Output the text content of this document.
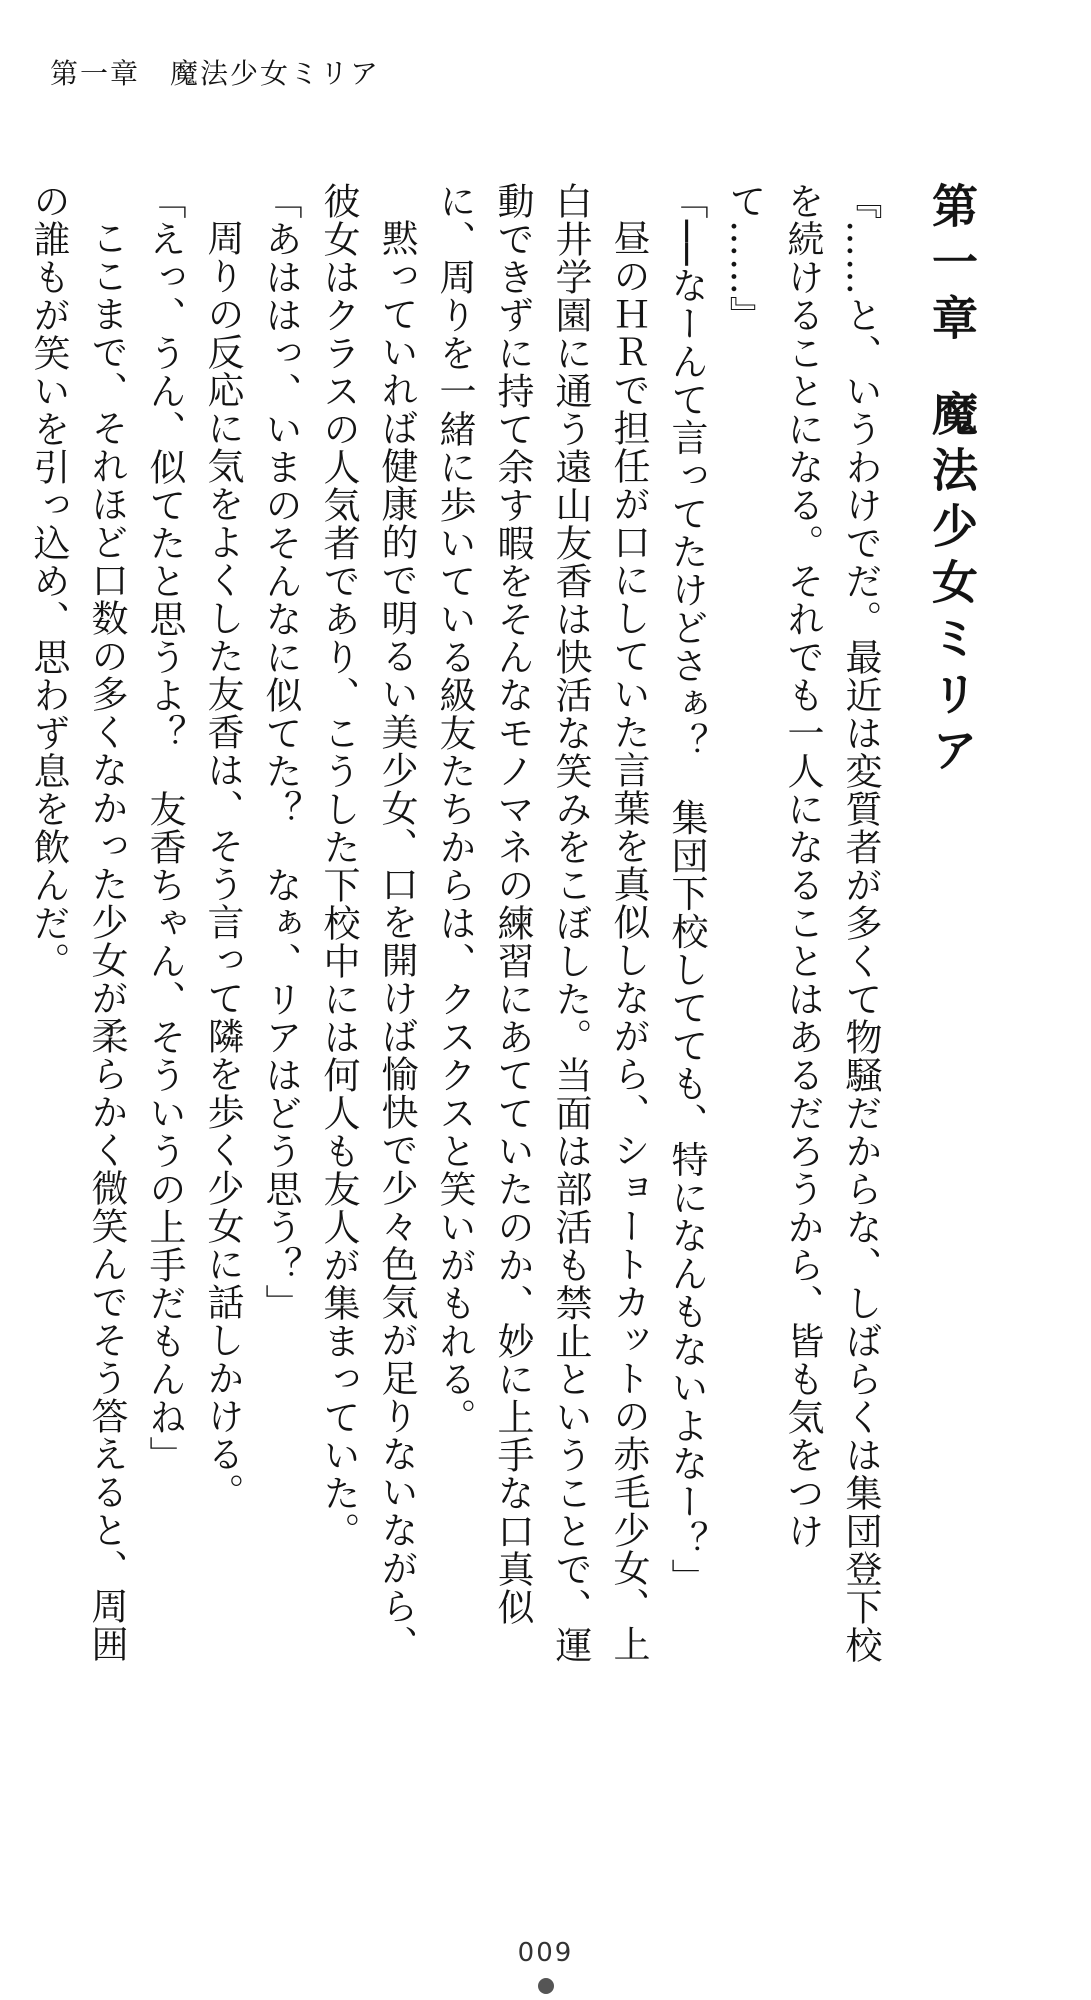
第一章　魔法少女ミリア
第一章魔法少女ミリア

『……と、いうわけでだ。最近は変質者が多くて物騒だからな、しばらくは集団登下校を続けることになる。それでも一人になることはあるだろうから、皆も気をつけて……』

「──なーんて言ってたけどさぁ？　集団下校してても、特になんもないよなー？」

昼のＨＲで担任が口にしていた言葉を真似しながら、ショートカットの赤毛少女、上白井学園に通う遠山友香は快活な笑みをこぼした。当面は部活も禁止ということで、運動できずに持て余す暇をそんなモノマネの練習にあてていたのか、妙に上手な口真似に、周りを一緒に歩いている級友たちからは、クスクスと笑いがもれる。

黙っていれば健康的で明るい美少女、口を開けば愉快で少々色気が足りないながら、彼女はクラスの人気者であり、こうした下校中には何人も友人が集まっていた。

「あははっ、いまのそんなに似てた？　なぁ、リアはどう思う？」

周りの反応に気をよくした友香は、そう言って隣を歩く少女に話しかける。

「えっ、うん、似てたと思うよ？　友香ちゃん、そういうの上手だもんね」

ここまで、それほど口数の多くなかった少女が柔らかく微笑んでそう答えると、周囲の誰もが笑いを引っ込め、思わず息を飲んだ。

009
